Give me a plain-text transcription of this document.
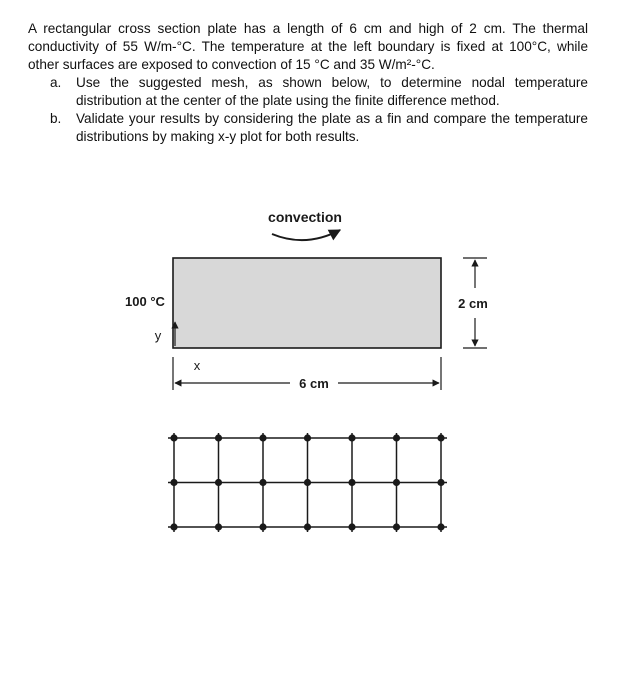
A rectangular cross section plate has a length of 6 cm and high of 2 cm. The thermal conductivity of 55 W/m-°C. The temperature at the left boundary is fixed at 100°C, while other surfaces are exposed to convection of 15 °C and 35 W/m²-°C.

a. Use the suggested mesh, as shown below, to determine nodal temperature distribution at the center of the plate using the finite difference method.
b. Validate your results by considering the plate as a fin and compare the temperature distributions by making x-y plot for both results.
convection
100 °C	2 cm
y
x
6 cm
